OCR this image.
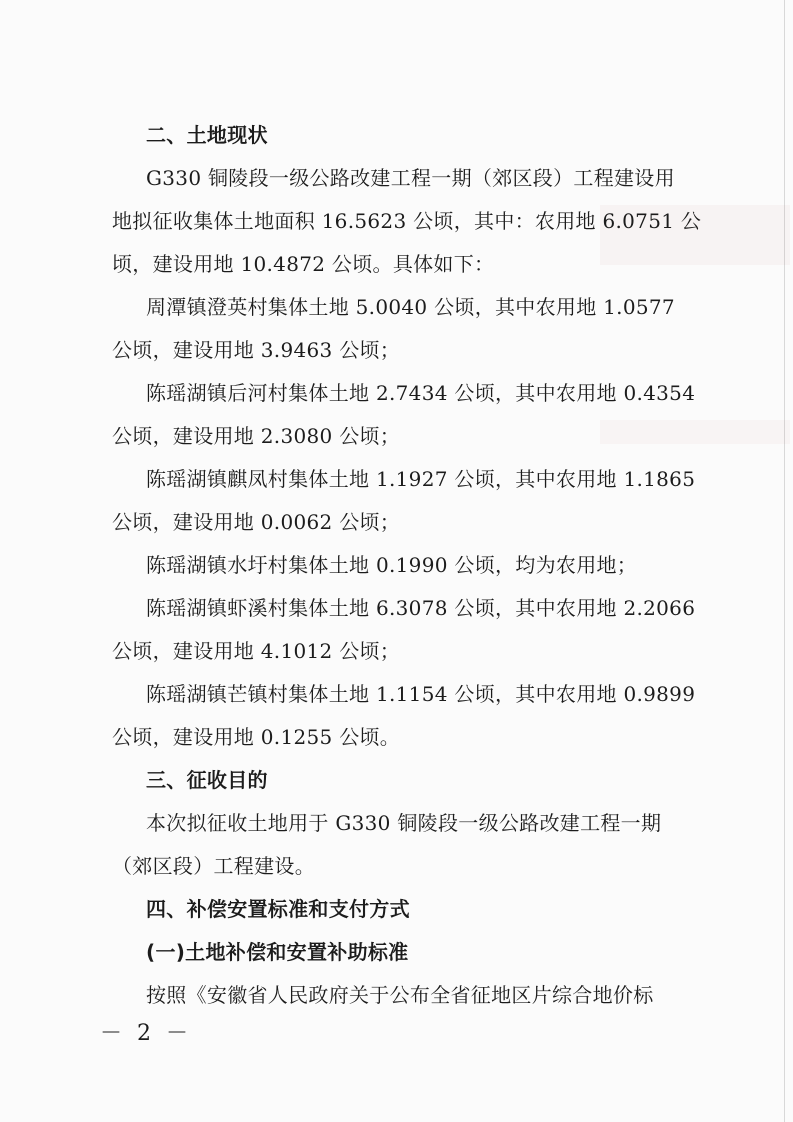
二、土地现状
G330 铜陵段一级公路改建工程一期（郊区段）工程建设用
地拟征收集体土地面积 16.5623 公顷，其中：农用地 6.0751 公
顷，建设用地 10.4872 公顷。具体如下：
周潭镇澄英村集体土地 5.0040 公顷，其中农用地 1.0577
公顷，建设用地 3.9463 公顷；
陈瑶湖镇后河村集体土地 2.7434 公顷，其中农用地 0.4354
公顷，建设用地 2.3080 公顷；
陈瑶湖镇麒凤村集体土地 1.1927 公顷，其中农用地 1.1865
公顷，建设用地 0.0062 公顷；
陈瑶湖镇水圩村集体土地 0.1990 公顷，均为农用地；
陈瑶湖镇虾溪村集体土地 6.3078 公顷，其中农用地 2.2066
公顷，建设用地 4.1012 公顷；
陈瑶湖镇芒镇村集体土地 1.1154 公顷，其中农用地 0.9899
公顷，建设用地 0.1255 公顷。
三、征收目的
本次拟征收土地用于 G330 铜陵段一级公路改建工程一期
（郊区段）工程建设。
四、补偿安置标准和支付方式
(一)土地补偿和安置补助标准
按照《安徽省人民政府关于公布全省征地区片综合地价标
－ 2 －
